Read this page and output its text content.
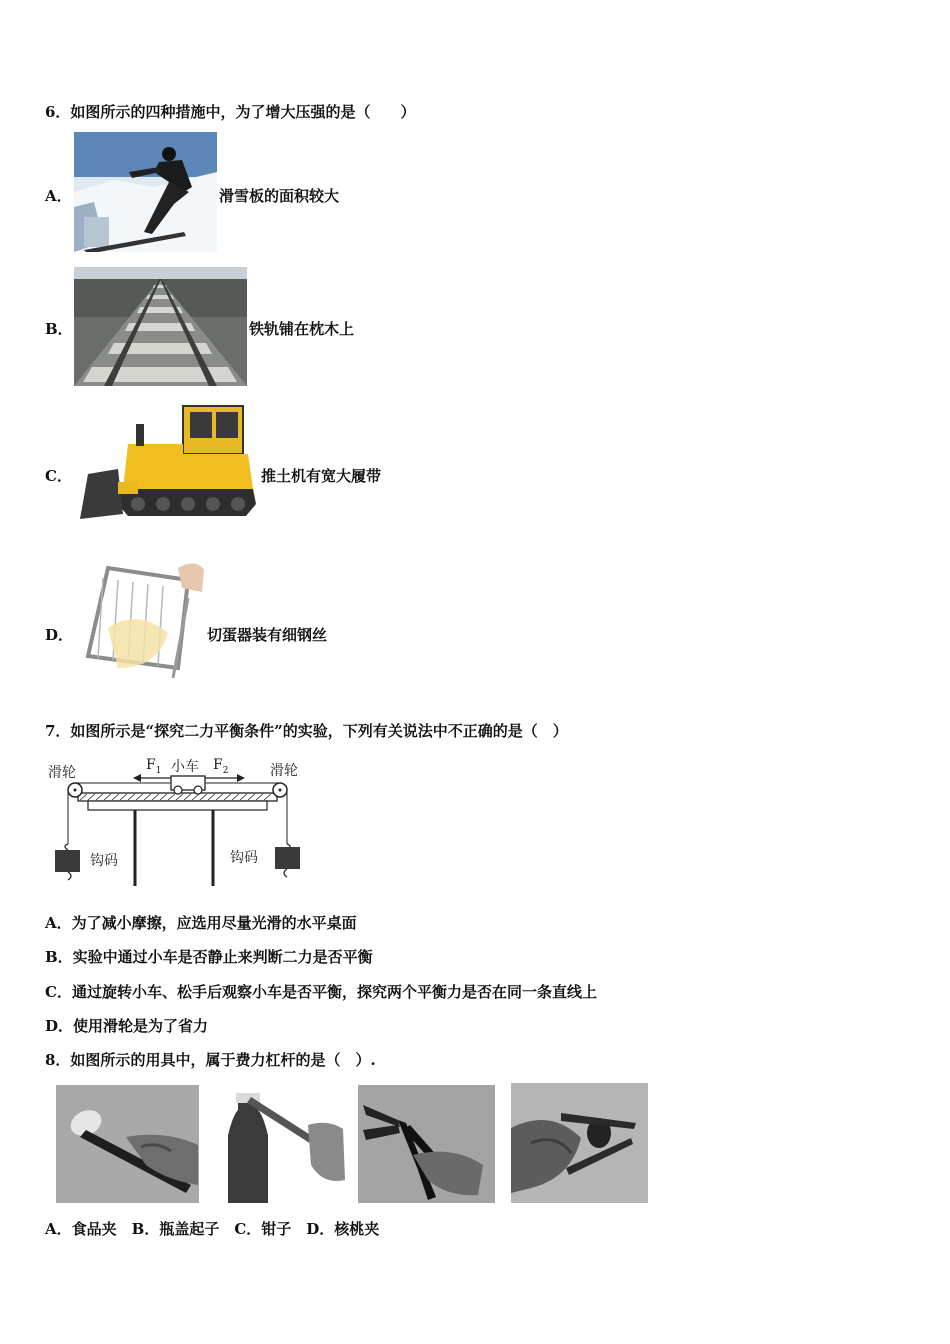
6．如图所示的四种措施中，为了增大压强的是（　　）
A．	滑雪板的面积较大
B．	铁轨铺在枕木上
C．	推土机有宽大履带
D．	切蛋器装有细钢丝
7．如图所示是“探究二力平衡条件”的实验，下列有关说法中不正确的是（　）
滑轮	滑轮
小车
$F_1$	$F_2$
钩码	钩码
A．为了减小摩擦，应选用尽量光滑的水平桌面
B．实验中通过小车是否静止来判断二力是否平衡
C．通过旋转小车、松手后观察小车是否平衡，探究两个平衡力是否在同一条直线上
D．使用滑轮是为了省力
8．如图所示的用具中，属于费力杠杆的是（　）.
A．食品夹　B．瓶盖起子　C．钳子　D．核桃夹
